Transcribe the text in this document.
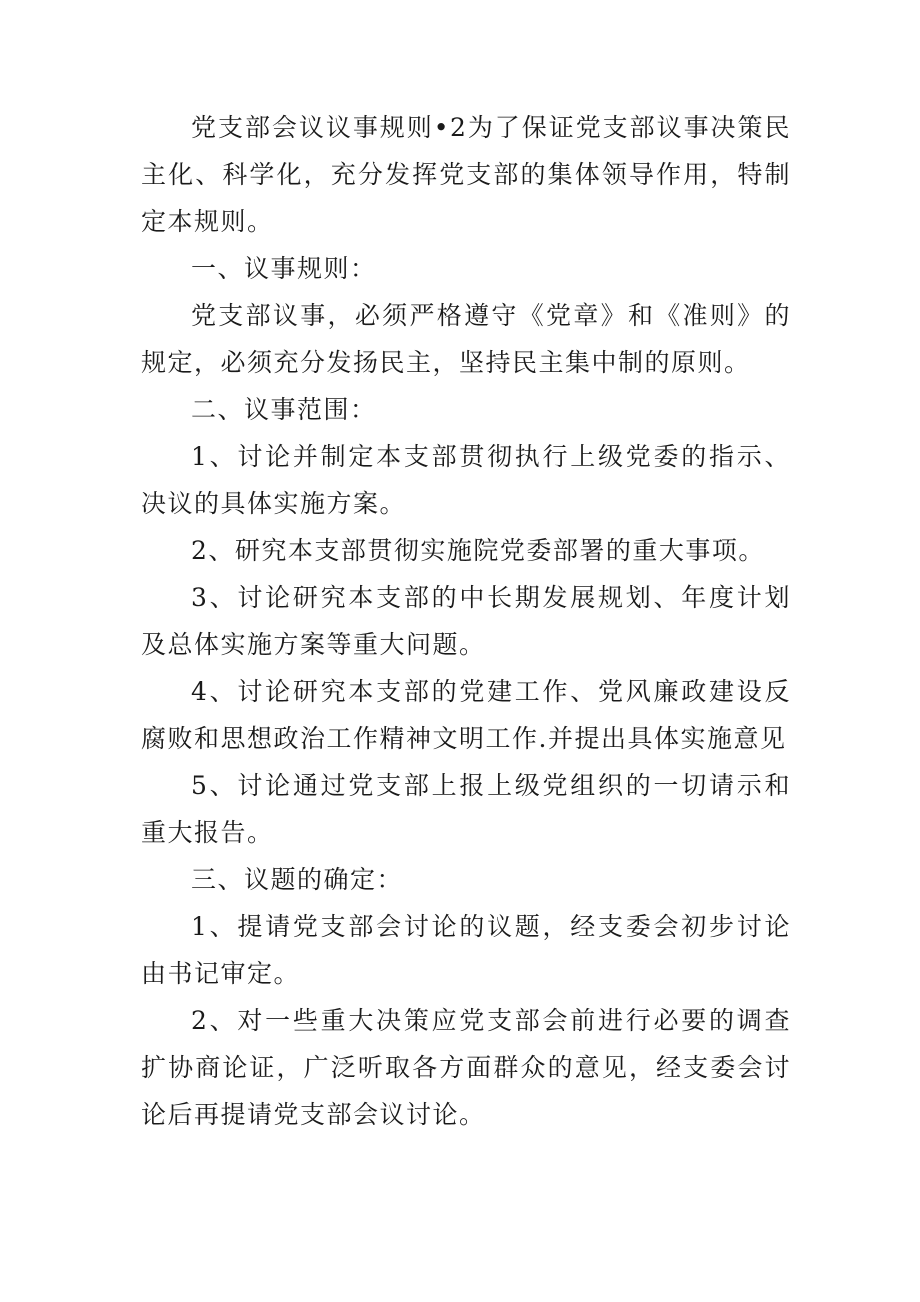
党支部会议议事规则•2为了保证党支部议事决策民主化、科学化，充分发挥党支部的集体领导作用，特制定本规则。

一、议事规则：

党支部议事，必须严格遵守《党章》和《准则》的规定，必须充分发扬民主，坚持民主集中制的原则。

二、议事范围：

1、讨论并制定本支部贯彻执行上级党委的指示、决议的具体实施方案。

2、研究本支部贯彻实施院党委部署的重大事项。

3、讨论研究本支部的中长期发展规划、年度计划及总体实施方案等重大问题。

4、讨论研究本支部的党建工作、党风廉政建设反腐败和思想政治工作精神文明工作.并提出具体实施意见

5、讨论通过党支部上报上级党组织的一切请示和重大报告。

三、议题的确定：

1、提请党支部会讨论的议题，经支委会初步讨论由书记审定。

2、对一些重大决策应党支部会前进行必要的调查扩协商论证，广泛听取各方面群众的意见，经支委会讨论后再提请党支部会议讨论。
